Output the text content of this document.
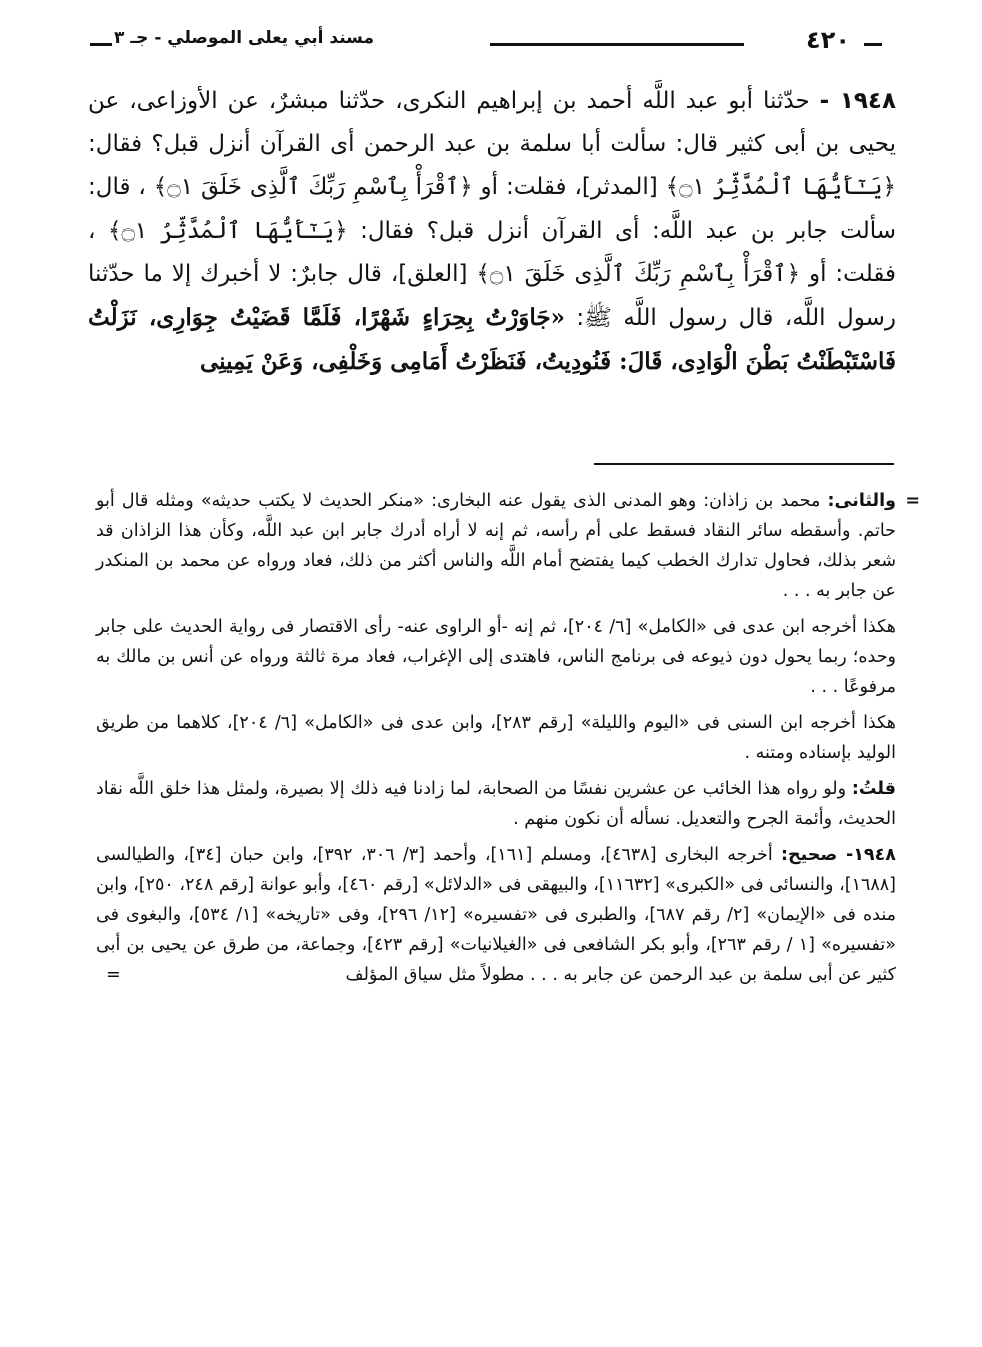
٤٢٠
مسند أبي يعلى الموصلي - جـ ٣

١٩٤٨ - حدّثنا أبو عبد اللَّه أحمد بن إبراهيم النكرى، حدّثنا مبشرٌ، عن الأوزاعى، عن يحيى بن أبى كثير قال: سألت أبا سلمة بن عبد الرحمن أى القرآن أنزل قبل؟ فقال: ﴿يَـٰٓأَيُّهَا ٱلْمُدَّثِّرُ ۝١﴾ [المدثر]، فقلت: أو ﴿ٱقْرَأْ بِٱسْمِ رَبِّكَ ٱلَّذِى خَلَقَ ۝١﴾ ، قال: سألت جابر بن عبد اللَّه: أى القرآن أنزل قبل؟ فقال: ﴿يَـٰٓأَيُّهَا ٱلْمُدَّثِّرُ ۝١﴾ ، فقلت: أو ﴿ٱقْرَأْ بِٱسْمِ رَبِّكَ ٱلَّذِى خَلَقَ ۝١﴾ [العلق]، قال جابرٌ: لا أخبرك إلا ما حدّثنا رسول اللَّه، قال رسول اللَّه ﷺ: «جَاوَرْتُ بِحِرَاءٍ شَهْرًا، فَلَمَّا قَضَيْتُ جِوَارِى، نَزَلْتُ فَاسْتَبْطَنْتُ بَطْنَ الْوَادِى، قَالَ: فَنُودِيتُ، فَنَظَرْتُ أَمَامِى وَخَلْفِى، وَعَنْ يَمِينِى

=
والثانى: محمد بن زاذان: وهو المدنى الذى يقول عنه البخارى: «منكر الحديث لا يكتب حديثه» ومثله قال أبو حاتم. وأسقطه سائر النقاد فسقط على أم رأسه، ثم إنه لا أراه أدرك جابر ابن عبد اللَّه، وكأن هذا الزاذان قد شعر بذلك، فحاول تدارك الخطب كيما يفتضح أمام اللَّه والناس أكثر من ذلك، فعاد ورواه عن محمد بن المنكدر عن جابر به . . .

هكذا أخرجه ابن عدى فى «الكامل» [٦/ ٢٠٤]، ثم إنه -أو الراوى عنه- رأى الاقتصار فى رواية الحديث على جابر وحده؛ ربما يحول دون ذيوعه فى برنامج الناس، فاهتدى إلى الإغراب، فعاد مرة ثالثة ورواه عن أنس بن مالك به مرفوعًا . . .

هكذا أخرجه ابن السنى فى «اليوم والليلة» [رقم ٢٨٣]، وابن عدى فى «الكامل» [٦/ ٢٠٤]، كلاهما من طريق الوليد بإسناده ومتنه .

قلتُ: ولو رواه هذا الخائب عن عشرين نفسًا من الصحابة، لما زادنا فيه ذلك إلا بصيرة، ولمثل هذا خلق اللَّه نقاد الحديث، وأئمة الجرح والتعديل. نسأله أن نكون منهم .

١٩٤٨- صحيح: أخرجه البخارى [٤٦٣٨]، ومسلم [١٦١]، وأحمد [٣/ ٣٠٦، ٣٩٢]، وابن حبان [٣٤]، والطيالسى [١٦٨٨]، والنسائى فى «الكبرى» [١١٦٣٢]، والبيهقى فى «الدلائل» [رقم ٤٦٠]، وأبو عوانة [رقم ٢٤٨، ٢٥٠]، وابن منده فى «الإيمان» [٢/ رقم ٦٨٧]، والطبرى فى «تفسيره» [١٢/ ٢٩٦]، وفى «تاريخه» [١/ ٥٣٤]، والبغوى فى «تفسيره» [١ / رقم ٢٦٣]، وأبو بكر الشافعى فى «الغيلانيات» [رقم ٤٢٣]، وجماعة، من طرق عن يحيى بن أبى كثير عن أبى سلمة بن عبد الرحمن عن جابر به . . . مطولاً مثل سياق المؤلف
=
